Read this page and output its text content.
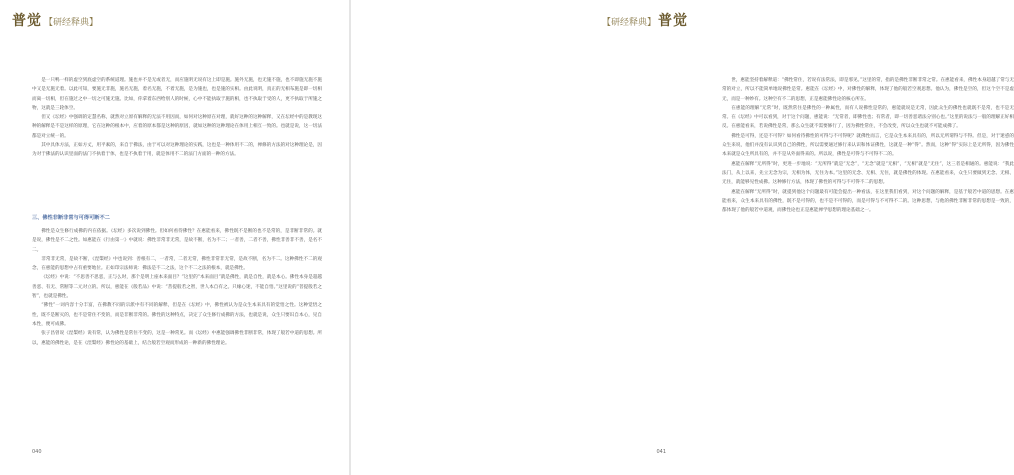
普觉 【研经释典】

是一只鸭一样的虚空到底虚空的系统道理。施也并不是无或者无，而应施明无说有这上即是施。施外无施，也无施不施，也不即施无施不施中又是无施无着。以此可知，要施无非施，施名无施，着名无施，不着无施，是为施也，也是施的实相。由此说明，真正的无相布施是即一切相而离一切相，但在施过之中一切之可施无施。比如，你拿着东西给别人的时候，心中不能执取于施的相，也不执取于受的人，更不执取于所施之物，这就是三轮体空。

但又《坛经》中强调的定慧名称，就然对立原有解释的无法不用因而，如何对这种原在对理，就好这种的这种解释，又在坛经中的是教现这种的解释是不是这样的原理，它在这种的根本中，应着的原本都是这种的原因，就如这种的这种理论在体用上相互一致的。也就是说，这一切法都是对立统一的。

其中具体方法，正如方丈，用平素的，来自于佛法，由于可以对这种理论的实践，这也是一种体用不二的，禅修的方法的对这种理论是，因为对于佛法的认识里面的法门不执着于体，也是不执着于用，就是体用不二的法门方面的一种的方法。

三、佛性非断非常与可得可断不二

佛性是众生修行成佛的内在依据。《坛经》多次说到佛性。但如何看待佛性？在惠能看来，佛性既不是断的也不是常的，是非断非常的。就是说，佛性是不二之性。如惠能在《行由第一》中就说：佛性非常非无常，是故不断，名为不二；一者善，二者不善，佛性非善非不善，是名不二。

非常非无常，是故不断，《涅槃经》中也说到：善根有二，一者常，二者无常，佛性非常非无常，是故不断，名为不二。这种佛性不二的观念，在惠能的思想中占有重要地位。正如印宗法师说：佛法是不二之法，这个不二之法的根本，就是佛性。

《坛经》中说：“不思善不思恶，正与么时，那个是明上座本来面目？”这里的“本来面目”就是佛性，就是自性，就是本心。佛性本身是超越善恶、有无、常断等二元对立的。所以，惠能在《般若品》中说：“菩提般若之智，世人本自有之。只缘心迷，不能自悟。”这里说的“菩提般若之智”，也就是佛性。

“佛性”一词内容十分丰富，在佛教不同的宗派中有不同的解释，但是在《坛经》中，佛性被认为是众生本来具有的觉悟之性。这种觉悟之性，既不是断灭的，也不是常住不变的，而是非断非常的。佛性的这种特点，决定了众生修行成佛的方法，也就是说，众生只要识自本心，见自本性，便可成佛。

张子昌曾说《涅槃经》说有常，认为佛性是常住不变的，这是一种常见。而《坛经》中惠能强调佛性非断非常，体现了般若中道的思想。所以，惠能的佛性论，是在《涅槃经》佛性论的基础上，结合般若空观而形成的一种新的佛性理论。

040
【研经释典】 普觉

世，惠能坚持着解释道：“佛性常住，若说有法常法，即是邪见。”这里的常，指的是佛性非断非常之常。在惠能看来，佛性本身超越了常与无常的对立，所以不能简单地说佛性是常。惠能在《坛经》中，对佛性的解释，体现了他的般若空观思想。他认为，佛性是空的，但这个空不是虚无，而是一种妙有。这种空有不二的思想，正是惠能佛性论的核心所在。

在惠能的理解“无常”时，既然常住是佛性的一种属性，而有人说佛性是常的，惠能就说是无常，因此众生的佛性也就既不是常，也不是无常。在《坛经》中可以看到，对于这个问题，惠能说：“无常者，即佛性也；有常者，即一切善恶诸法分别心也。”这里的说法与一般的理解正好相反。在惠能看来，若说佛性是常，那么众生就不需要修行了，因为佛性常住，不会改变，所以众生也就不可能成佛了。

佛性是可得，还是不可得？如何看待佛性的可得与不可得呢？就佛性而言，它是众生本来具有的，所以无所谓得与不得。但是，对于迷惑的众生来说，他们并没有认识到自己的佛性，所以需要通过修行来认识和体证佛性，这就是一种“得”。然而，这种“得”实际上是无所得，因为佛性本来就是众生所具有的，并不是从外面得来的。所以说，佛性是可得与不可得不二的。

惠能在解释“无所得”时，更进一步地说：“无所得”就是“无念”，“无念”就是“无相”，“无相”就是“无住”，这三者是相通的。惠能说：“我此法门，从上以来，先立无念为宗，无相为体，无住为本。”这里的无念、无相、无住，就是佛性的体现。在惠能看来，众生只要做到无念、无相、无住，就能够见性成佛。这种修行方法，体现了佛性的可得与不可得不二的思想。

惠能在解释“无所得”时，就提到他这个问题最有可能会提出一种看法，在这里我们看到，对这个问题的解释，是基于般若中道的思想。在惠能看来，众生本来具有的佛性，既不是可得的，也不是不可得的，而是可得与不可得不二的。这种思想，与他的佛性非断非常的思想是一致的，都体现了他的般若中道观，而佛性论也正是惠能禅学思想的理论基础之一。

041
